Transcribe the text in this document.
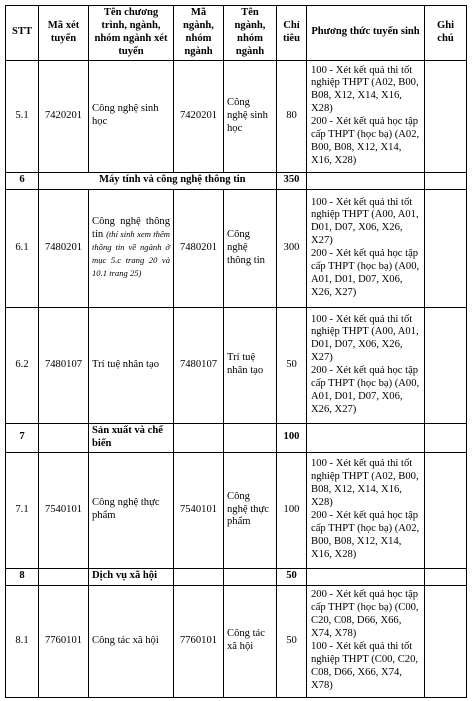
STT	Mã xét tuyển	Tên chương trình, ngành, nhóm ngành xét tuyển	Mã ngành, nhóm ngành	Tên ngành, nhóm ngành	Chỉ tiêu	Phương thức tuyển sinh	Ghi chú
5.1	7420201	Công nghệ sinh học	7420201	Công nghệ sinh học	80	100 - Xét kết quả thi tốt nghiệp THPT (A02, B00, B08, X12, X14, X16, X28)
200 - Xét kết quả học tập cấp THPT (học bạ) (A02, B00, B08, X12, X14, X16, X28)	

6	Máy tính và công nghệ thông tin				350		
6.1	7480201	Công nghệ thông tin (thí sinh xem thêm thông tin về ngành ở mục 5.c trang 20 và 10.1 trang 25)	7480201	Công nghệ thông tin	300	100 - Xét kết quả thi tốt nghiệp THPT (A00, A01, D01, D07, X06, X26, X27)
200 - Xét kết quả học tập cấp THPT (học bạ) (A00, A01, D01, D07, X06, X26, X27)	

6.2	7480107	Trí tuệ nhân tạo	7480107	Trí tuệ nhân tạo	50	100 - Xét kết quả thi tốt nghiệp THPT (A00, A01, D01, D07, X06, X26, X27)
200 - Xét kết quả học tập cấp THPT (học bạ) (A00, A01, D01, D07, X06, X26, X27)	

7		Sản xuất và chế biến			100		
7.1	7540101	Công nghệ thực phẩm	7540101	Công nghệ thực phẩm	100	100 - Xét kết quả thi tốt nghiệp THPT (A02, B00, B08, X12, X14, X16, X28)
200 - Xét kết quả học tập cấp THPT (học bạ) (A02, B00, B08, X12, X14, X16, X28)	

8		Dịch vụ xã hội			50		
8.1	7760101	Công tác xã hội	7760101	Công tác xã hội	50	200 - Xét kết quả học tập cấp THPT (học bạ) (C00, C20, C08, D66, X66, X74, X78)
100 - Xét kết quả thi tốt nghiệp THPT (C00, C20, C08, D66, X66, X74, X78)	
